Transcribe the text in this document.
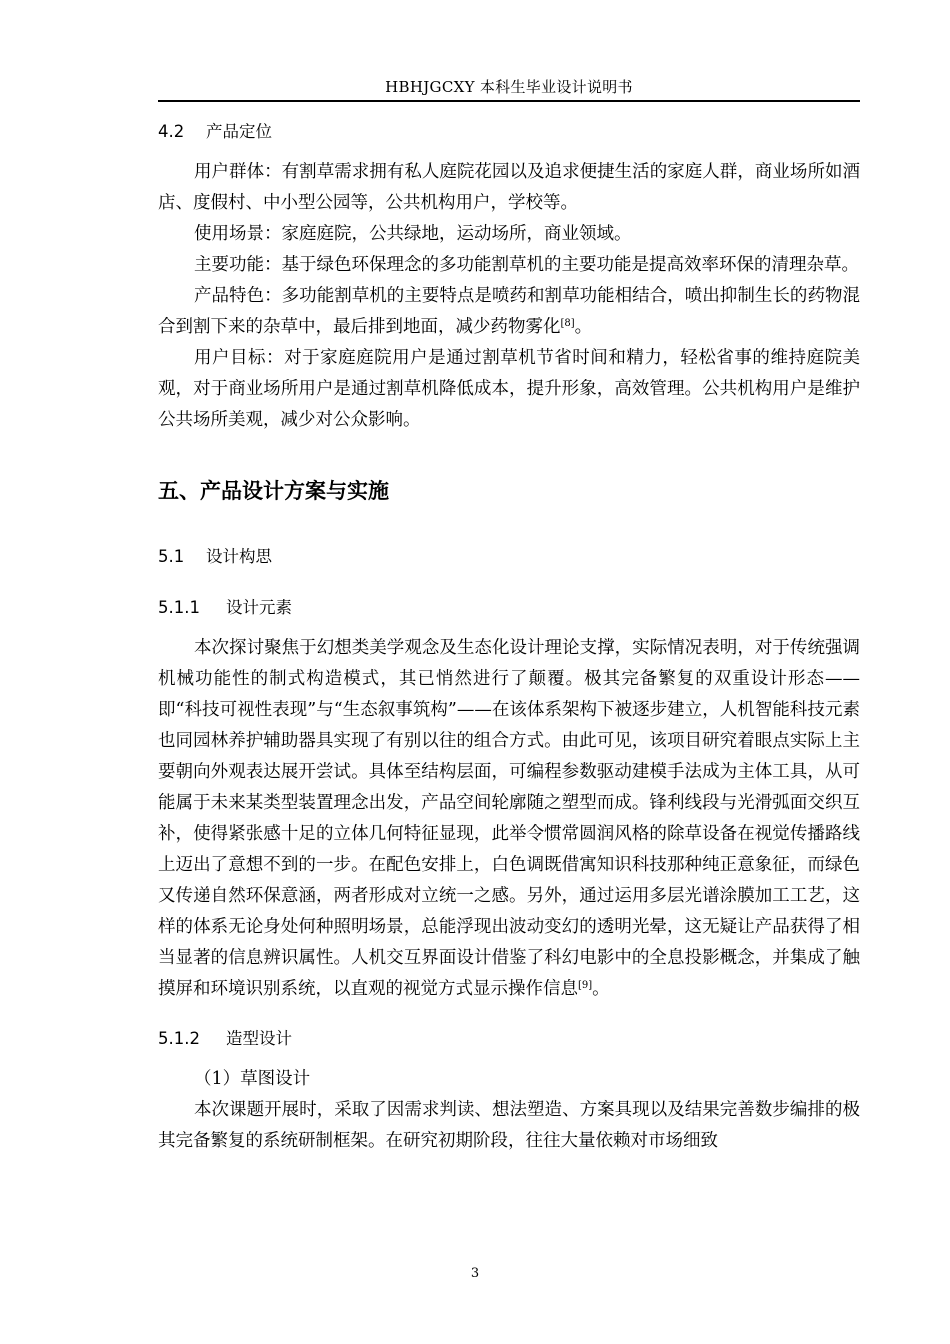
HBHJGCXY 本科生毕业设计说明书

4.2 产品定位

用户群体：有割草需求拥有私人庭院花园以及追求便捷生活的家庭人群，商业场所如酒店、度假村、中小型公园等，公共机构用户，学校等。

使用场景：家庭庭院，公共绿地，运动场所，商业领域。

主要功能：基于绿色环保理念的多功能割草机的主要功能是提高效率环保的清理杂草。

产品特色：多功能割草机的主要特点是喷药和割草功能相结合，喷出抑制生长的药物混合到割下来的杂草中，最后排到地面，减少药物雾化[8]。

用户目标：对于家庭庭院用户是通过割草机节省时间和精力，轻松省事的维持庭院美观，对于商业场所用户是通过割草机降低成本，提升形象，高效管理。公共机构用户是维护公共场所美观，减少对公众影响。

五、产品设计方案与实施

5.1 设计构思

5.1.1 设计元素

本次探讨聚焦于幻想类美学观念及生态化设计理论支撑，实际情况表明，对于传统强调机械功能性的制式构造模式，其已悄然进行了颠覆。极其完备繁复的双重设计形态——即“科技可视性表现”与“生态叙事筑构”——在该体系架构下被逐步建立，人机智能科技元素也同园林养护辅助器具实现了有别以往的组合方式。由此可见，该项目研究着眼点实际上主要朝向外观表达展开尝试。具体至结构层面，可编程参数驱动建模手法成为主体工具，从可能属于未来某类型装置理念出发，产品空间轮廓随之塑型而成。锋利线段与光滑弧面交织互补，使得紧张感十足的立体几何特征显现，此举令惯常圆润风格的除草设备在视觉传播路线上迈出了意想不到的一步。在配色安排上，白色调既借寓知识科技那种纯正意象征，而绿色又传递自然环保意涵，两者形成对立统一之感。另外，通过运用多层光谱涂膜加工工艺，这样的体系无论身处何种照明场景，总能浮现出波动变幻的透明光晕，这无疑让产品获得了相当显著的信息辨识属性。人机交互界面设计借鉴了科幻电影中的全息投影概念，并集成了触摸屏和环境识别系统，以直观的视觉方式显示操作信息[9]。

5.1.2 造型设计

（1）草图设计

本次课题开展时，采取了因需求判读、想法塑造、方案具现以及结果完善数步编排的极其完备繁复的系统研制框架。在研究初期阶段，往往大量依赖对市场细致

3
